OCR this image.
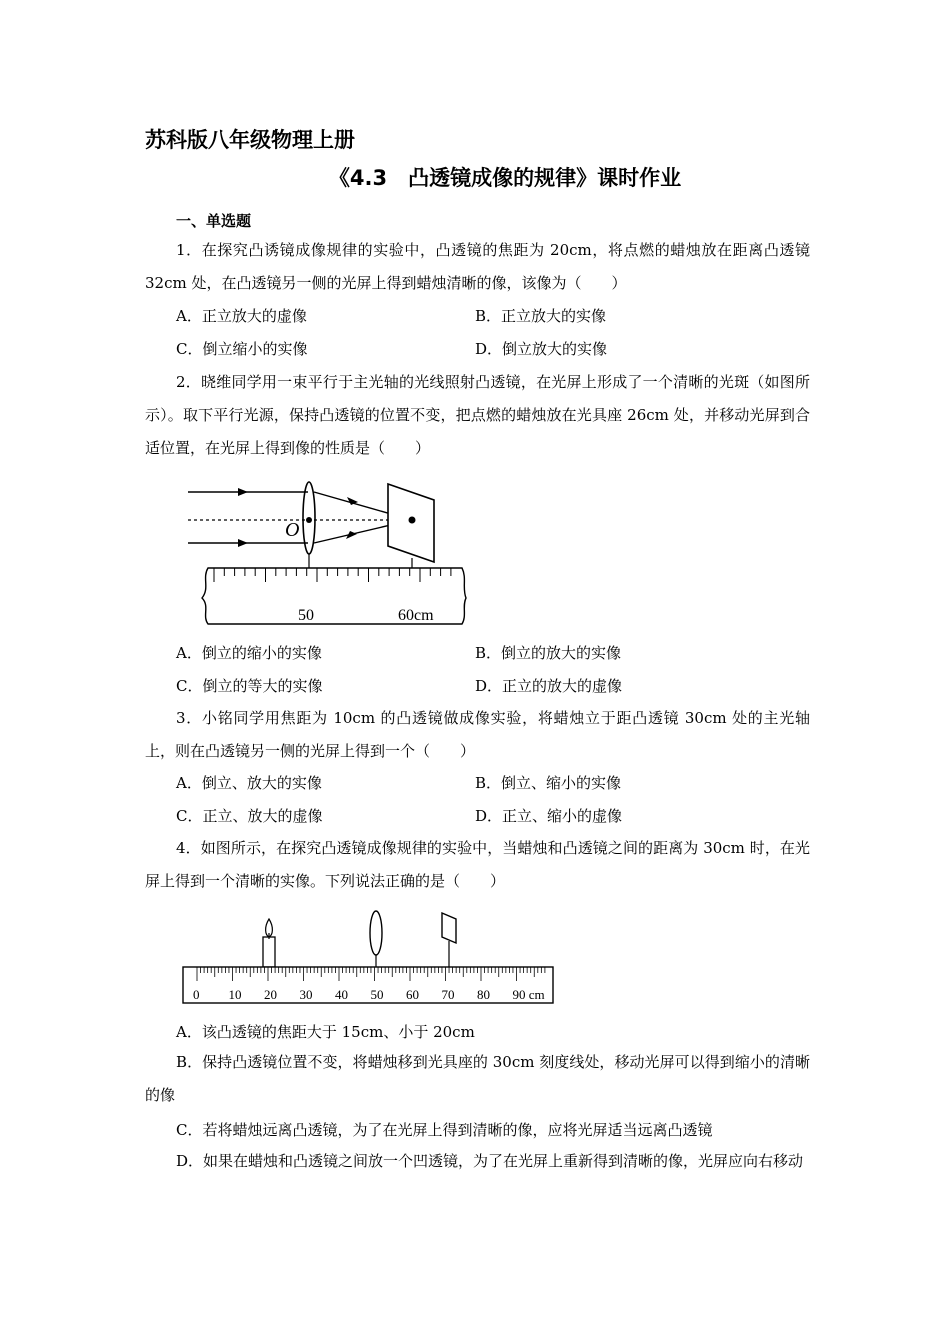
苏科版八年级物理上册
《4.3　凸透镜成像的规律》课时作业
一、单选题
1．在探究凸诱镜成像规律的实验中，凸透镜的焦距为 20cm，将点燃的蜡烛放在距离凸透镜 32cm 处，在凸透镜另一侧的光屏上得到蜡烛清晰的像，该像为（　　）
A．正立放大的虚像	B．正立放大的实像
C．倒立缩小的实像	D．倒立放大的实像
2．晓维同学用一束平行于主光轴的光线照射凸透镜，在光屏上形成了一个清晰的光斑（如图所示）。取下平行光源，保持凸透镜的位置不变，把点燃的蜡烛放在光具座 26cm 处，并移动光屏到合适位置，在光屏上得到像的性质是（　　）
O
50	60cm
A．倒立的缩小的实像	B．倒立的放大的实像
C．倒立的等大的实像	D．正立的放大的虚像
3．小铭同学用焦距为 10cm 的凸透镜做成像实验，将蜡烛立于距凸透镜 30cm 处的主光轴上，则在凸透镜另一侧的光屏上得到一个（　　）
A．倒立、放大的实像	B．倒立、缩小的实像
C．正立、放大的虚像	D．正立、缩小的虚像
4．如图所示，在探究凸透镜成像规律的实验中，当蜡烛和凸透镜之间的距离为 30cm 时，在光屏上得到一个清晰的实像。下列说法正确的是（　　）
0 10 20 30 40 50 60 70 80 90 cm
A．该凸透镜的焦距大于 15cm、小于 20cm
B．保持凸透镜位置不变，将蜡烛移到光具座的 30cm 刻度线处，移动光屏可以得到缩小的清晰的像
C．若将蜡烛远离凸透镜，为了在光屏上得到清晰的像，应将光屏适当远离凸透镜
D．如果在蜡烛和凸透镜之间放一个凹透镜，为了在光屏上重新得到清晰的像，光屏应向右移动
